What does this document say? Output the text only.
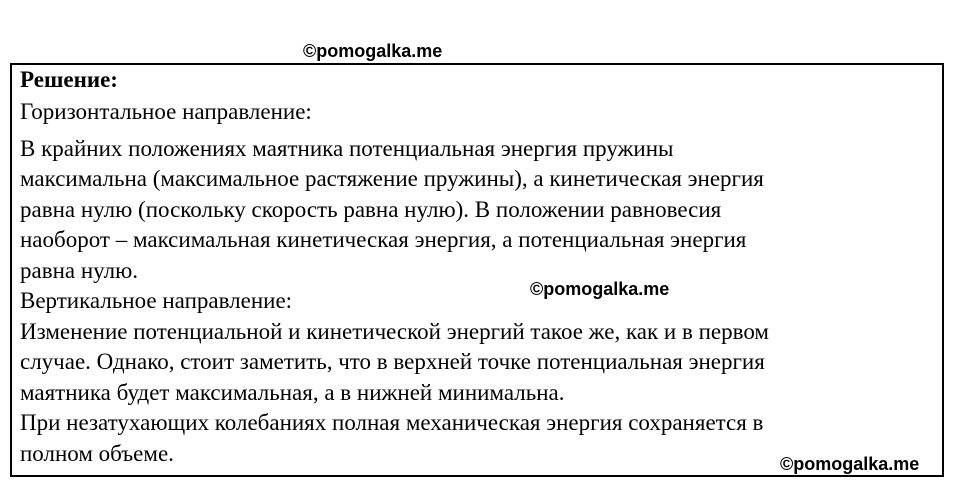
©pomogalka.me
Решение:
Горизонтальное направление:
В крайних положениях маятника потенциальная энергия пружины
максимальна (максимальное растяжение пружины), а кинетическая энергия
равна нулю (поскольку скорость равна нулю). В положении равновесия
наоборот – максимальная кинетическая энергия, а потенциальная энергия
равна нулю.
Вертикальное направление:
Изменение потенциальной и кинетической энергий такое же, как и в первом
случае. Однако, стоит заметить, что в верхней точке потенциальная энергия
маятника будет максимальная, а в нижней минимальна.
При незатухающих колебаниях полная механическая энергия сохраняется в
полном объеме.
©pomogalka.me
©pomogalka.me
